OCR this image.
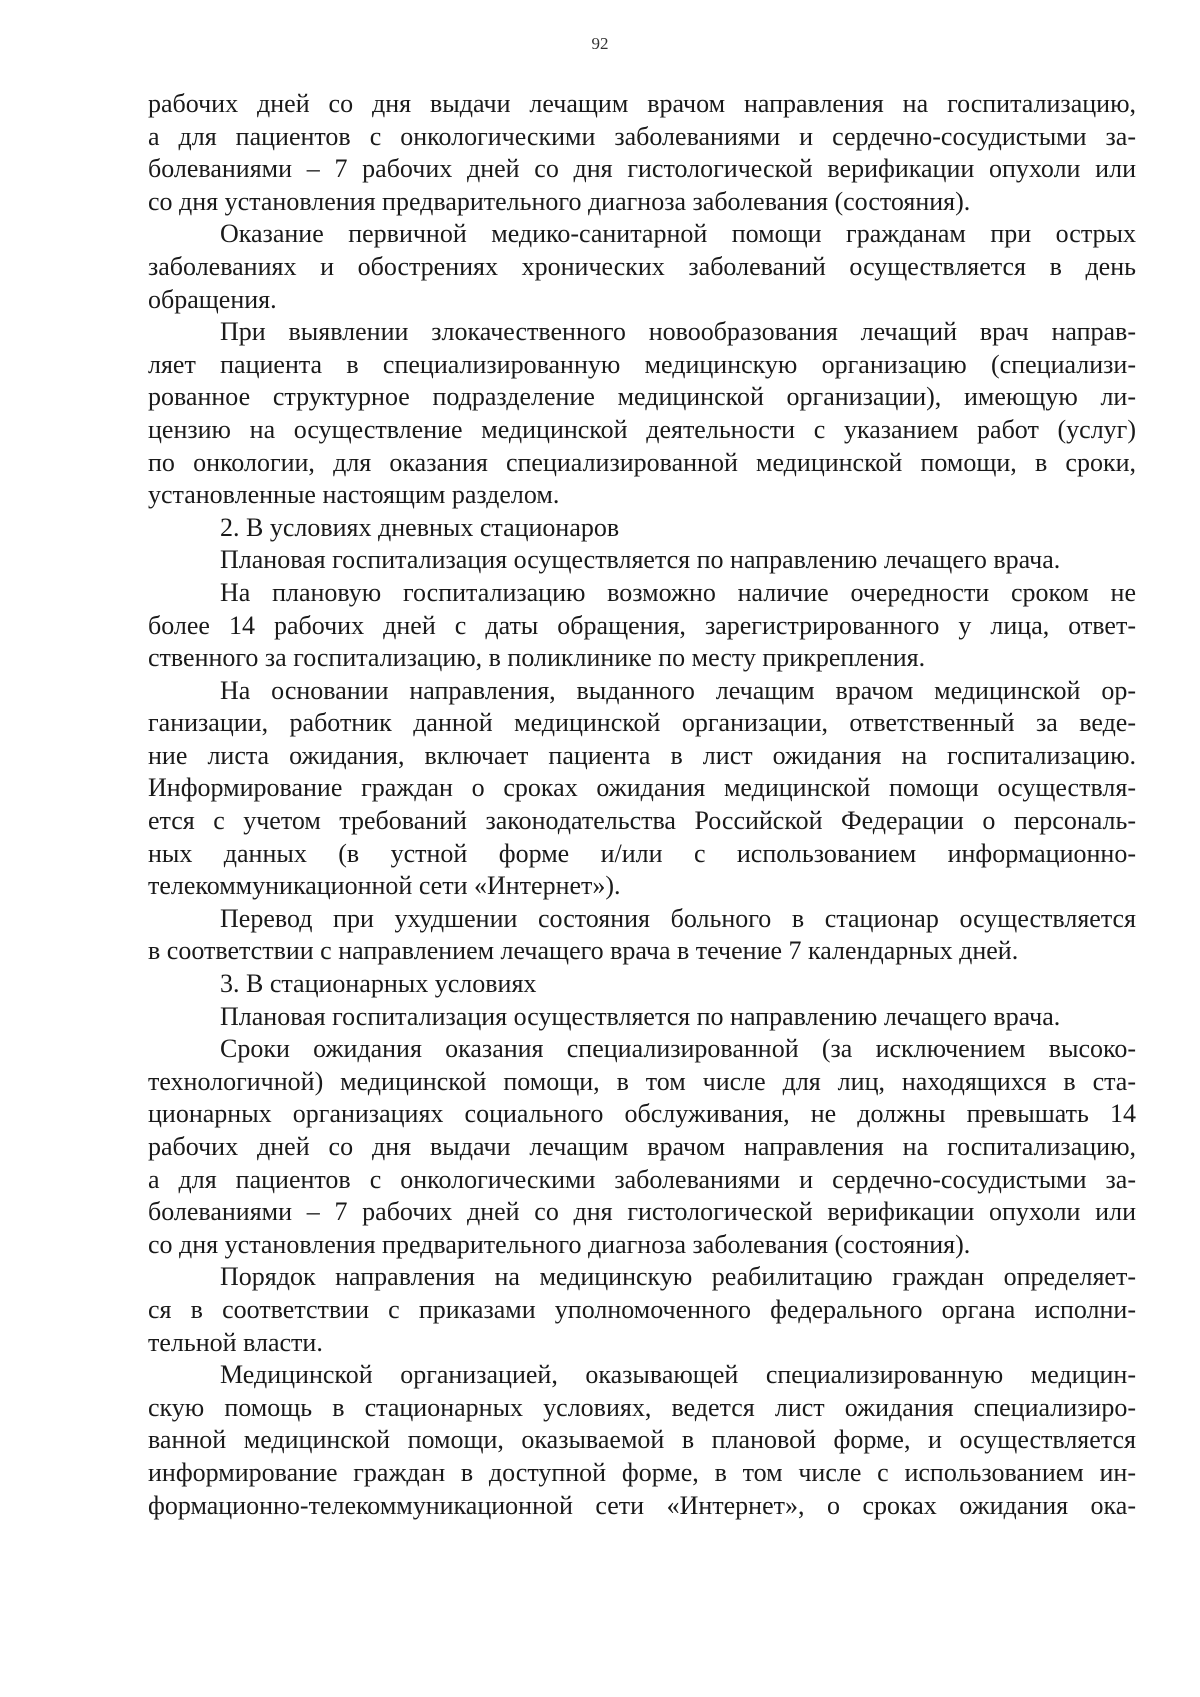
92
рабочих дней со дня выдачи лечащим врачом направления на госпитализацию,
а для пациентов с онкологическими заболеваниями и сердечно-сосудистыми за-
болеваниями – 7 рабочих дней со дня гистологической верификации опухоли или
со дня установления предварительного диагноза заболевания (состояния).
Оказание первичной медико-санитарной помощи гражданам при острых
заболеваниях и обострениях хронических заболеваний осуществляется в день
обращения.
При выявлении злокачественного новообразования лечащий врач направ-
ляет пациента в специализированную медицинскую организацию (специализи-
рованное структурное подразделение медицинской организации), имеющую ли-
цензию на осуществление медицинской деятельности с указанием работ (услуг)
по онкологии, для оказания специализированной медицинской помощи, в сроки,
установленные настоящим разделом.
2. В условиях дневных стационаров
Плановая госпитализация осуществляется по направлению лечащего врача.
На плановую госпитализацию возможно наличие очередности сроком не
более 14 рабочих дней с даты обращения, зарегистрированного у лица, ответ-
ственного за госпитализацию, в поликлинике по месту прикрепления.
На основании направления, выданного лечащим врачом медицинской ор-
ганизации, работник данной медицинской организации, ответственный за веде-
ние листа ожидания, включает пациента в лист ожидания на госпитализацию.
Информирование граждан о сроках ожидания медицинской помощи осуществля-
ется с учетом требований законодательства Российской Федерации о персональ-
ных данных (в устной форме и/или с использованием информационно-
телекоммуникационной сети «Интернет»).
Перевод при ухудшении состояния больного в стационар осуществляется
в соответствии с направлением лечащего врача в течение 7 календарных дней.
3. В стационарных условиях
Плановая госпитализация осуществляется по направлению лечащего врача.
Сроки ожидания оказания специализированной (за исключением высоко-
технологичной) медицинской помощи, в том числе для лиц, находящихся в ста-
ционарных организациях социального обслуживания, не должны превышать 14
рабочих дней со дня выдачи лечащим врачом направления на госпитализацию,
а для пациентов с онкологическими заболеваниями и сердечно-сосудистыми за-
болеваниями – 7 рабочих дней со дня гистологической верификации опухоли или
со дня установления предварительного диагноза заболевания (состояния).
Порядок направления на медицинскую реабилитацию граждан определяет-
ся в соответствии с приказами уполномоченного федерального органа исполни-
тельной власти.
Медицинской организацией, оказывающей специализированную медицин-
скую помощь в стационарных условиях, ведется лист ожидания специализиро-
ванной медицинской помощи, оказываемой в плановой форме, и осуществляется
информирование граждан в доступной форме, в том числе с использованием ин-
формационно-телекоммуникационной сети «Интернет», о сроках ожидания ока-
